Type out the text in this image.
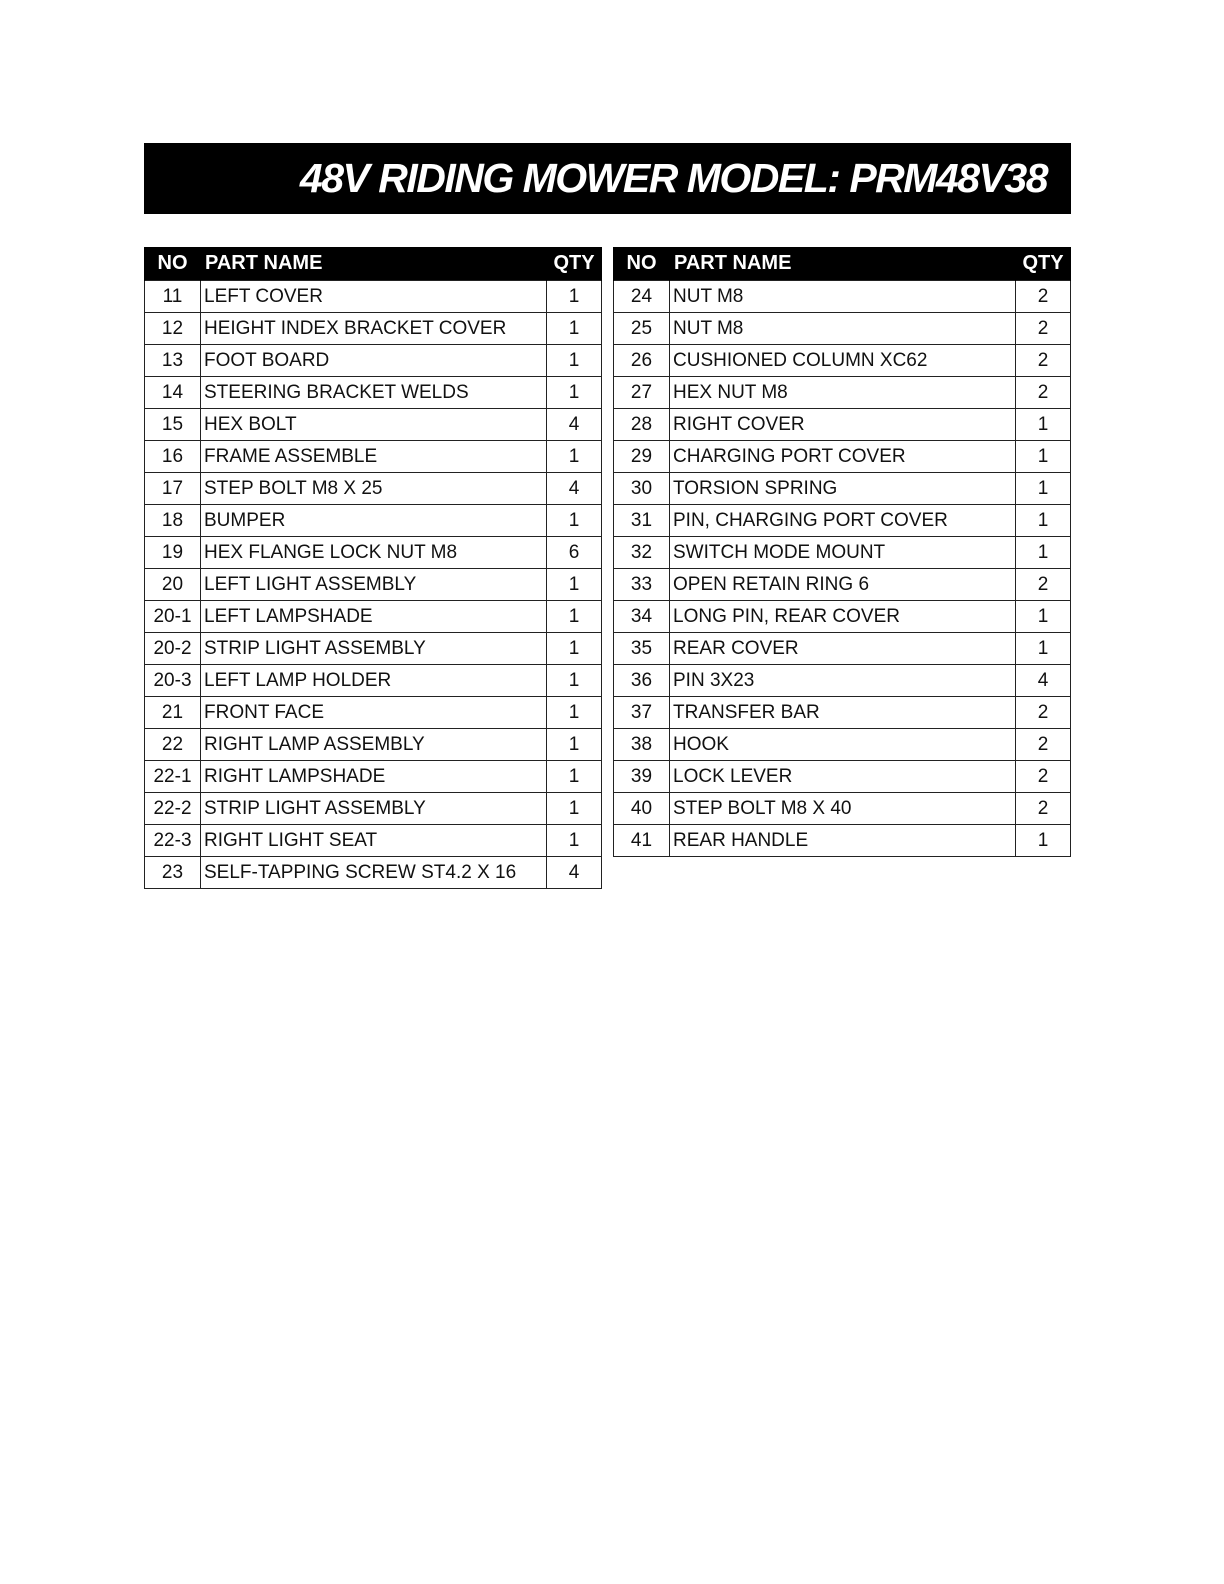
48V RIDING MOWER MODEL: PRM48V38
NO	PART NAME	QTY
11	LEFT COVER	1
12	HEIGHT INDEX BRACKET COVER	1
13	FOOT BOARD	1
14	STEERING BRACKET WELDS	1
15	HEX BOLT	4
16	FRAME ASSEMBLE	1
17	STEP BOLT M8 X 25	4
18	BUMPER	1
19	HEX FLANGE LOCK NUT M8	6
20	LEFT LIGHT ASSEMBLY	1
20-1	LEFT LAMPSHADE	1
20-2	STRIP LIGHT ASSEMBLY	1
20-3	LEFT LAMP HOLDER	1
21	FRONT FACE	1
22	RIGHT LAMP ASSEMBLY	1
22-1	RIGHT LAMPSHADE	1
22-2	STRIP LIGHT ASSEMBLY	1
22-3	RIGHT LIGHT SEAT	1
23	SELF-TAPPING SCREW ST4.2 X 16	4
NO	PART NAME	QTY
24	NUT M8	2
25	NUT M8	2
26	CUSHIONED COLUMN XC62	2
27	HEX NUT M8	2
28	RIGHT COVER	1
29	CHARGING PORT COVER	1
30	TORSION SPRING	1
31	PIN, CHARGING PORT COVER	1
32	SWITCH MODE MOUNT	1
33	OPEN RETAIN RING 6	2
34	LONG PIN, REAR COVER	1
35	REAR COVER	1
36	PIN 3X23	4
37	TRANSFER BAR	2
38	HOOK	2
39	LOCK LEVER	2
40	STEP BOLT M8 X 40	2
41	REAR HANDLE	1
